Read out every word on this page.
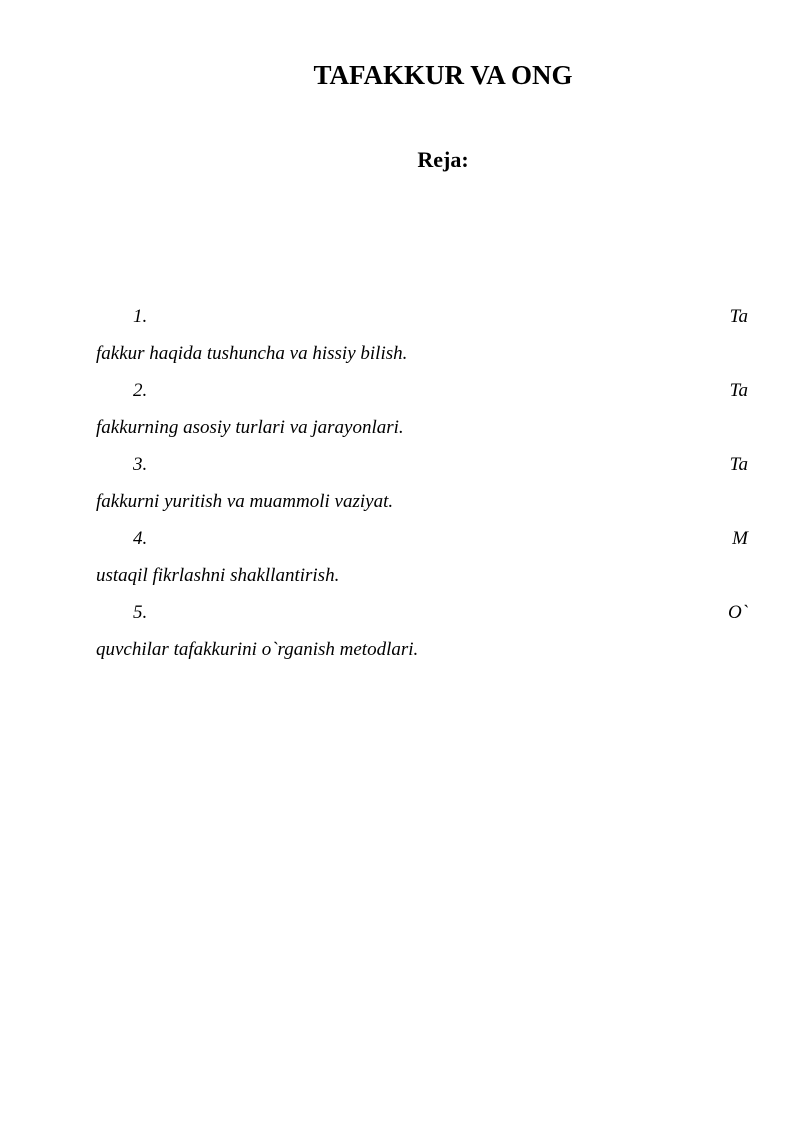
TAFAKKUR VA ONG
Reja:
1.	Ta
fakkur haqida tushuncha va hissiy bilish.
2.	Ta
fakkurning asosiy turlari va jarayonlari.
3.	Ta
fakkurni yuritish va muammoli vaziyat.
4.	M
ustaqil fikrlashni shakllantirish.
5.	O`
quvchilar tafakkurini o`rganish metodlari.
